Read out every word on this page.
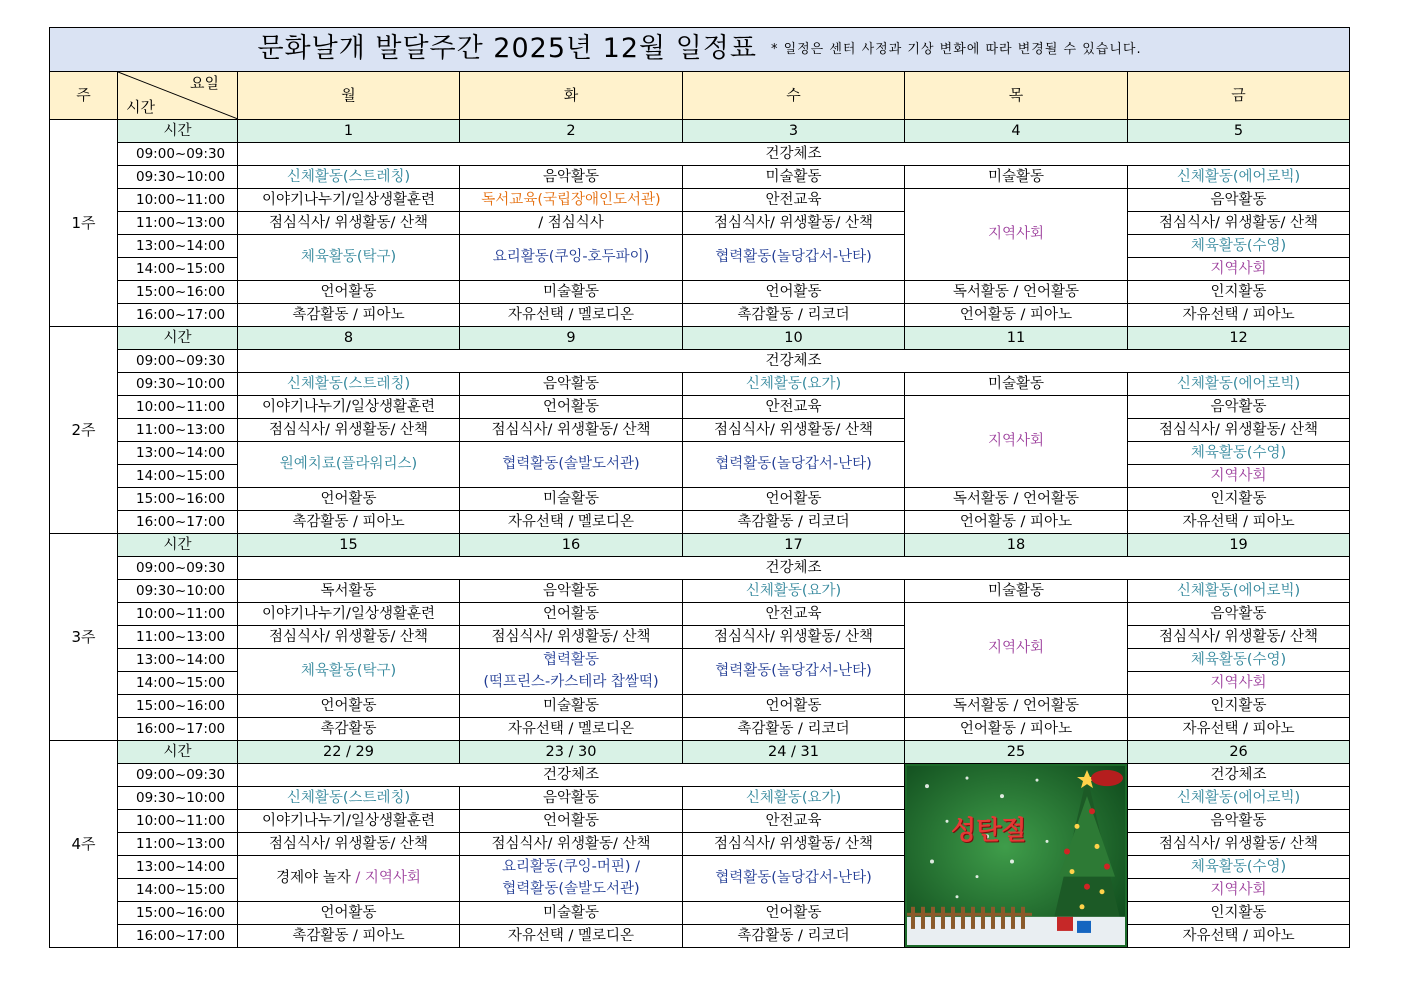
문화날개 발달주간 2025년 12월 일정표 * 일정은 센터 사정과 기상 변화에 따라 변경될 수 있습니다.						
주	요일
시간	월	화	수	목	금
1주	시간	1	2	3	4	5
	09:00~09:30	건강체조				
	09:30~10:00	신체활동(스트레칭)	음악활동	미술활동	미술활동	신체활동(에어로빅)
	10:00~11:00	이야기나누기/일상생활훈련	독서교육(국립장애인도서관)	안전교육	지역사회	음악활동
	11:00~13:00	점심식사/ 위생활동/ 산책	/ 점심식사	점심식사/ 위생활동/ 산책		점심식사/ 위생활동/ 산책
	13:00~14:00	체육활동(탁구)	요리활동(쿠잉-호두파이)	협력활동(놀당갑서-난타)		체육활동(수영)
	14:00~15:00					지역사회
	15:00~16:00	언어활동	미술활동	언어활동	독서활동 / 언어활동	인지활동
	16:00~17:00	촉감활동 / 피아노	자유선택 / 멜로디온	촉감활동 / 리코더	언어활동 / 피아노	자유선택 / 피아노
2주	시간	8	9	10	11	12
	09:00~09:30	건강체조				
	09:30~10:00	신체활동(스트레칭)	음악활동	신체활동(요가)	미술활동	신체활동(에어로빅)
	10:00~11:00	이야기나누기/일상생활훈련	언어활동	안전교육	지역사회	음악활동
	11:00~13:00	점심식사/ 위생활동/ 산책	점심식사/ 위생활동/ 산책	점심식사/ 위생활동/ 산책		점심식사/ 위생활동/ 산책
	13:00~14:00	원예치료(플라워리스)	협력활동(솔발도서관)	협력활동(놀당갑서-난타)		체육활동(수영)
	14:00~15:00					지역사회
	15:00~16:00	언어활동	미술활동	언어활동	독서활동 / 언어활동	인지활동
	16:00~17:00	촉감활동 / 피아노	자유선택 / 멜로디온	촉감활동 / 리코더	언어활동 / 피아노	자유선택 / 피아노
3주	시간	15	16	17	18	19
	09:00~09:30	건강체조				
	09:30~10:00	독서활동	음악활동	신체활동(요가)	미술활동	신체활동(에어로빅)
	10:00~11:00	이야기나누기/일상생활훈련	언어활동	안전교육	지역사회	음악활동
	11:00~13:00	점심식사/ 위생활동/ 산책	점심식사/ 위생활동/ 산책	점심식사/ 위생활동/ 산책		점심식사/ 위생활동/ 산책
	13:00~14:00	체육활동(탁구)	협력활동
(떡프린스-카스테라 찹쌀떡)	협력활동(놀당갑서-난타)		체육활동(수영)
	14:00~15:00					지역사회
	15:00~16:00	언어활동	미술활동	언어활동	독서활동 / 언어활동	인지활동
	16:00~17:00	촉감활동	자유선택 / 멜로디온	촉감활동 / 리코더	언어활동 / 피아노	자유선택 / 피아노
4주	시간	22 / 29	23 / 30	24 / 31	25	26
	09:00~09:30	건강체조			성탄절	건강체조
	09:30~10:00	신체활동(스트레칭)	음악활동	신체활동(요가)		신체활동(에어로빅)
	10:00~11:00	이야기나누기/일상생활훈련	언어활동	안전교육		음악활동
	11:00~13:00	점심식사/ 위생활동/ 산책	점심식사/ 위생활동/ 산책	점심식사/ 위생활동/ 산책		점심식사/ 위생활동/ 산책
	13:00~14:00	경제야 놀자 / 지역사회	요리활동(쿠잉-머핀) /
협력활동(솔발도서관)	협력활동(놀당갑서-난타)		체육활동(수영)
	14:00~15:00					지역사회
	15:00~16:00	언어활동	미술활동	언어활동		인지활동
	16:00~17:00	촉감활동 / 피아노	자유선택 / 멜로디온	촉감활동 / 리코더		자유선택 / 피아노
